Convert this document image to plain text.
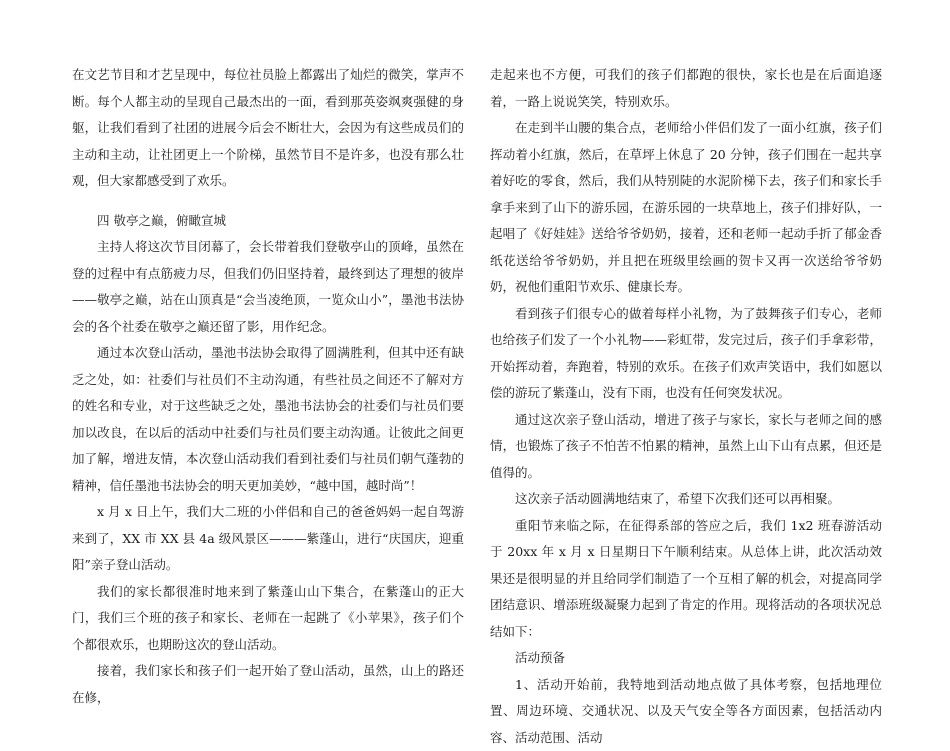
在文艺节目和才艺呈现中，每位社员脸上都露出了灿烂的微笑，掌声不断。每个人都主动的呈现自己最杰出的一面，看到那英姿飒爽强健的身躯，让我们看到了社团的进展今后会不断壮大，会因为有这些成员们的主动和主动，让社团更上一个阶梯，虽然节目不是许多，也没有那么壮观，但大家都感受到了欢乐。

四 敬亭之巅，俯瞰宣城

主持人将这次节目闭幕了，会长带着我们登敬亭山的顶峰，虽然在登的过程中有点筋疲力尽，但我们仍旧坚持着，最终到达了理想的彼岸——敬亭之巅，站在山顶真是“会当凌绝顶，一览众山小”，墨池书法协会的各个社委在敬亭之巅还留了影，用作纪念。

通过本次登山活动，墨池书法协会取得了圆满胜利，但其中还有缺乏之处，如：社委们与社员们不主动沟通，有些社员之间还不了解对方的姓名和专业，对于这些缺乏之处，墨池书法协会的社委们与社员们要加以改良，在以后的活动中社委们与社员们要主动沟通。让彼此之间更加了解，增进友情，本次登山活动我们看到社委们与社员们朝气蓬勃的精神，信任墨池书法协会的明天更加美妙，“越中国，越时尚”！

x 月 x 日上午，我们大二班的小伴侣和自己的爸爸妈妈一起自驾游来到了，XX 市 XX 县 4a 级风景区———紫蓬山，进行“庆国庆，迎重阳”亲子登山活动。

我们的家长都很准时地来到了紫蓬山山下集合，在紫蓬山的正大门，我们三个班的孩子和家长、老师在一起跳了《小苹果》，孩子们个个都很欢乐，也期盼这次的登山活动。

接着，我们家长和孩子们一起开始了登山活动，虽然，山上的路还在修，

走起来也不方便，可我们的孩子们都跑的很快，家长也是在后面追逐着，一路上说说笑笑，特别欢乐。

在走到半山腰的集合点，老师给小伴侣们发了一面小红旗，孩子们挥动着小红旗，然后，在草坪上休息了 20 分钟，孩子们围在一起共享着好吃的零食，然后，我们从特别陡的水泥阶梯下去，孩子们和家长手拿手来到了山下的游乐园，在游乐园的一块草地上，孩子们排好队，一起唱了《好娃娃》送给爷爷奶奶，接着，还和老师一起动手折了郁金香纸花送给爷爷奶奶，并且把在班级里绘画的贺卡又再一次送给爷爷奶奶，祝他们重阳节欢乐、健康长寿。

看到孩子们很专心的做着每样小礼物，为了鼓舞孩子们专心，老师也给孩子们发了一个小礼物——彩虹带，发完过后，孩子们手拿彩带，开始挥动着，奔跑着，特别的欢乐。在孩子们欢声笑语中，我们如愿以偿的游玩了紫蓬山，没有下雨，也没有任何突发状况。

通过这次亲子登山活动，增进了孩子与家长，家长与老师之间的感情，也锻炼了孩子不怕苦不怕累的精神，虽然上山下山有点累，但还是值得的。

这次亲子活动圆满地结束了，希望下次我们还可以再相聚。

重阳节来临之际，在征得系部的答应之后，我们 1x2 班春游活动于 20xx 年 x 月 x 日星期日下午顺利结束。从总体上讲，此次活动效果还是很明显的并且给同学们制造了一个互相了解的机会，对提高同学团结意识、增添班级凝聚力起到了肯定的作用。现将活动的各项状况总结如下：

活动预备

1、活动开始前，我特地到活动地点做了具体考察，包括地理位置、周边环境、交通状况、以及天气安全等各方面因素，包括活动内容、活动范围、活动
